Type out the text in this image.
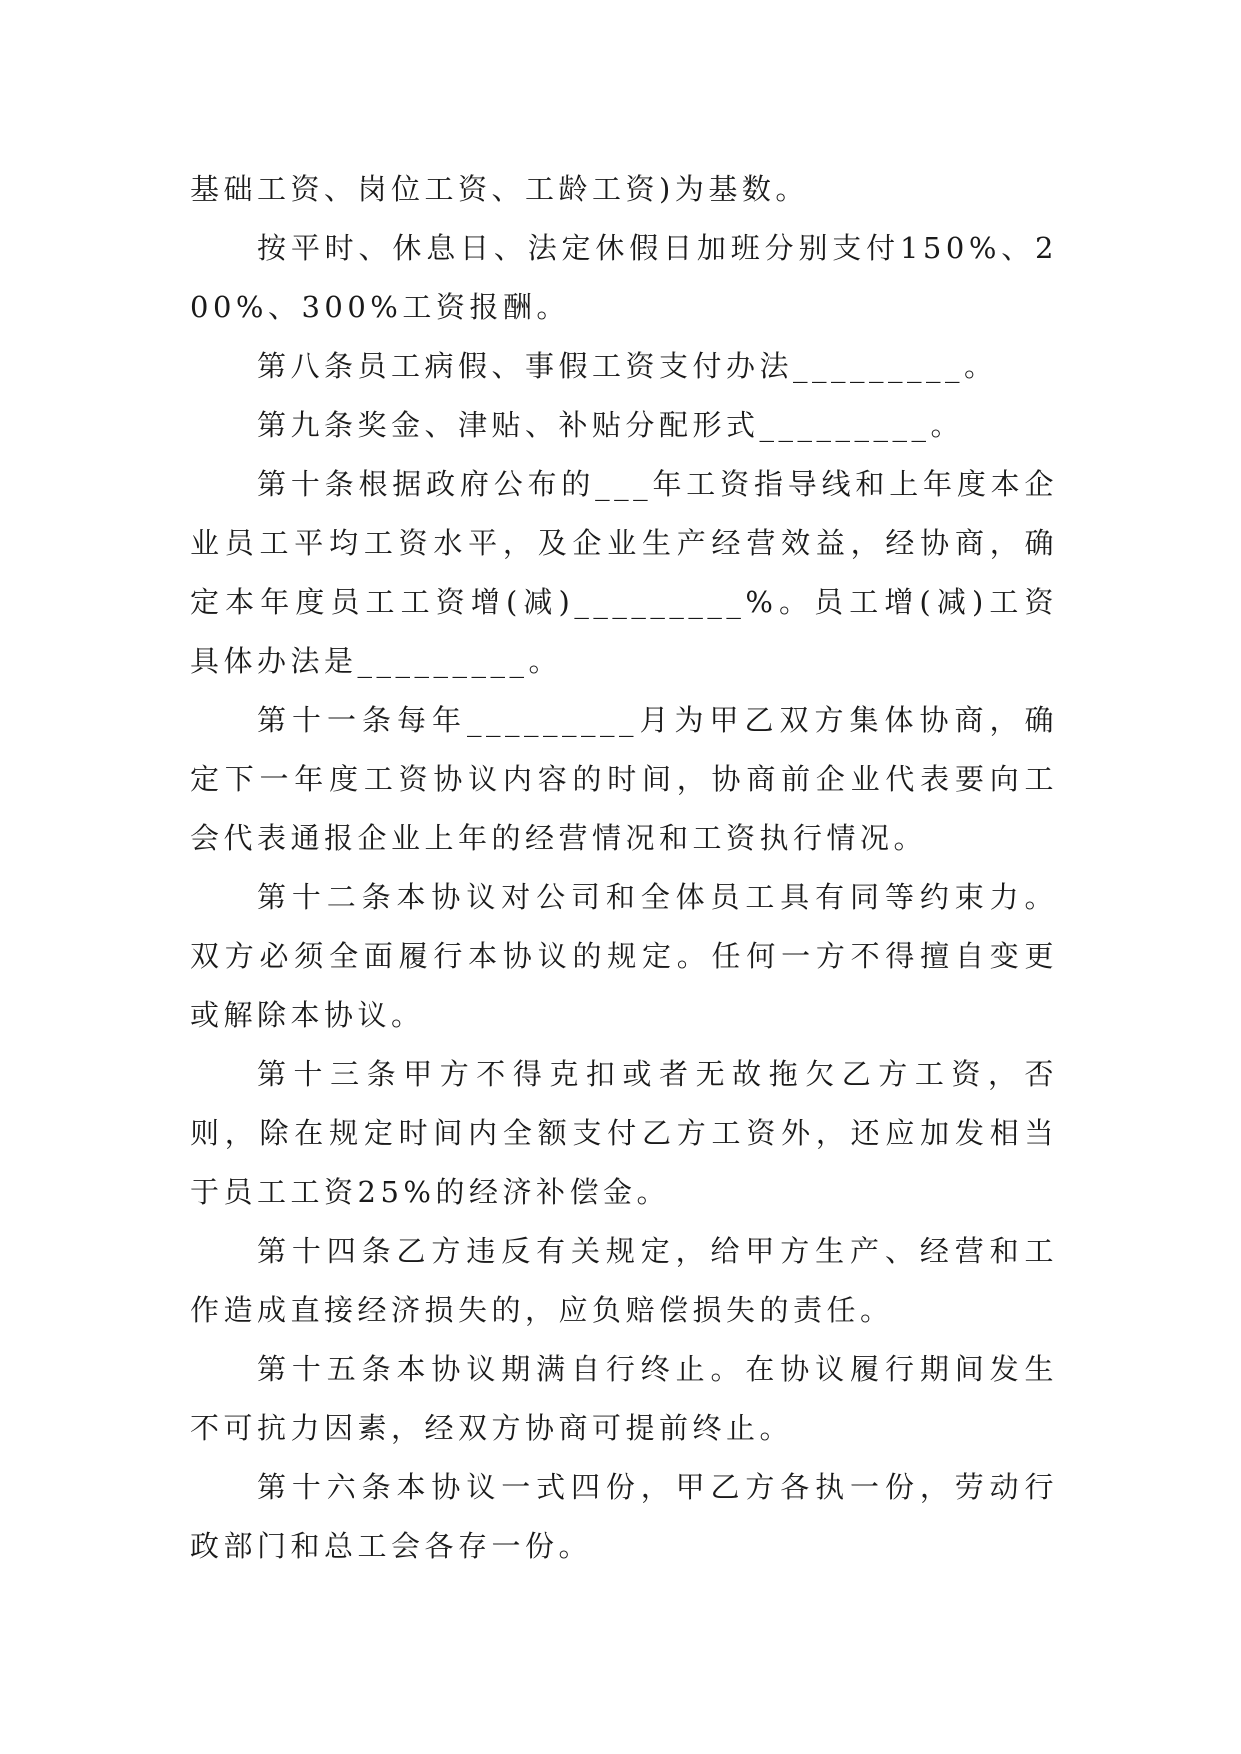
基础工资、岗位工资、工龄工资)为基数。

按平时、休息日、法定休假日加班分别支付150%、200%、300%工资报酬。

第八条员工病假、事假工资支付办法_________。

第九条奖金、津贴、补贴分配形式_________。

第十条根据政府公布的___年工资指导线和上年度本企业员工平均工资水平，及企业生产经营效益，经协商，确定本年度员工工资增(减)_________%。员工增(减)工资具体办法是_________。

第十一条每年_________月为甲乙双方集体协商，确定下一年度工资协议内容的时间，协商前企业代表要向工会代表通报企业上年的经营情况和工资执行情况。

第十二条本协议对公司和全体员工具有同等约束力。双方必须全面履行本协议的规定。任何一方不得擅自变更或解除本协议。

第十三条甲方不得克扣或者无故拖欠乙方工资，否则，除在规定时间内全额支付乙方工资外，还应加发相当于员工工资25%的经济补偿金。

第十四条乙方违反有关规定，给甲方生产、经营和工作造成直接经济损失的，应负赔偿损失的责任。

第十五条本协议期满自行终止。在协议履行期间发生不可抗力因素，经双方协商可提前终止。

第十六条本协议一式四份，甲乙方各执一份，劳动行政部门和总工会各存一份。
